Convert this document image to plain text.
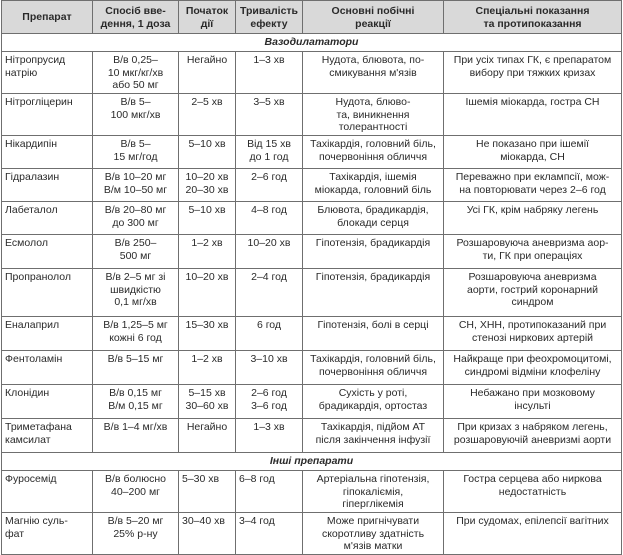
Препарат	Спосіб вве-
дення, 1 доза	Початок
дії	Тривалість
ефекту	Основні побічні
реакції	Спеціальні показання
та протипоказання

Вазодилататори					

Нітропрусид
натрію	В/в 0,25–
10 мкг/кг/хв
або 50 мг	Негайно	1–3 хв	Нудота, блювота, по-
смикування м'язів	При усіх типах ГК, є препаратом
вибору при тяжких кризах

Нітрогліцерин	В/в 5–
100 мкг/хв	2–5 хв	3–5 хв	Нудота, блюво-
та, виникнення
толерантності	Ішемія міокарда, гостра СН

Нікардипін	В/в 5–
15 мг/год	5–10 хв	Від 15 хв
до 1 год	Тахікардія, головний біль,
почервоніння обличчя	Не показано при ішемії
міокарда, СН

Гідралазин	В/в 10–20 мг
В/м 10–50 мг	10–20 хв
20–30 хв	2–6 год	Тахікардія, ішемія
міокарда, головний біль	Переважно при еклампсії, мож-
на повторювати через 2–6 год

Лабеталол	В/в 20–80 мг
до 300 мг	5–10 хв	4–8 год	Блювота, брадикардія,
блокади серця	Усі ГК, крім набряку легень

Есмолол	В/в 250–
500 мг	1–2 хв	10–20 хв	Гіпотензія, брадикардія	Розшаровуюча аневризма аор-
ти, ГК при операціях

Пропранолол	В/в 2–5 мг зі
швидкістю
0,1 мг/хв	10–20 хв	2–4 год	Гіпотензія, брадикардія	Розшаровуюча аневризма
аорти, гострий коронарний
синдром

Еналаприл	В/в 1,25–5 мг
кожні 6 год	15–30 хв	6 год	Гіпотензія, болі в серці	СН, ХНН, протипоказаний при
стенозі ниркових артерій

Фентоламін	В/в 5–15 мг	1–2 хв	3–10 хв	Тахікардія, головний біль,
почервоніння обличчя	Найкраще при феохромоцитомі,
синдромі відміни клофеліну

Клонідин	В/в 0,15 мг
В/м 0,15 мг	5–15 хв
30–60 хв	2–6 год
3–6 год	Сухість у роті,
брадикардія, ортостаз	Небажано при мозковому
інсульті

Триметафана
камсилат	В/в 1–4 мг/хв	Негайно	1–3 хв	Тахікардія, підйом АТ
після закінчення інфузії	При кризах з набряком легень,
розшаровуючій аневризмі аорти

Інші препарати					

Фуросемід	В/в болюсно
40–200 мг	5–30 хв	6–8 год	Артеріальна гіпотензія,
гіпокаліємія,
гіперглікемія	Гостра серцева або ниркова
недостатність

Магнію суль-
фат	В/в 5–20 мг
25% р-ну	30–40 хв	3–4 год	Може пригнічувати
скоротливу здатність
м'язів матки	При судомах, епілепсії вагітних
